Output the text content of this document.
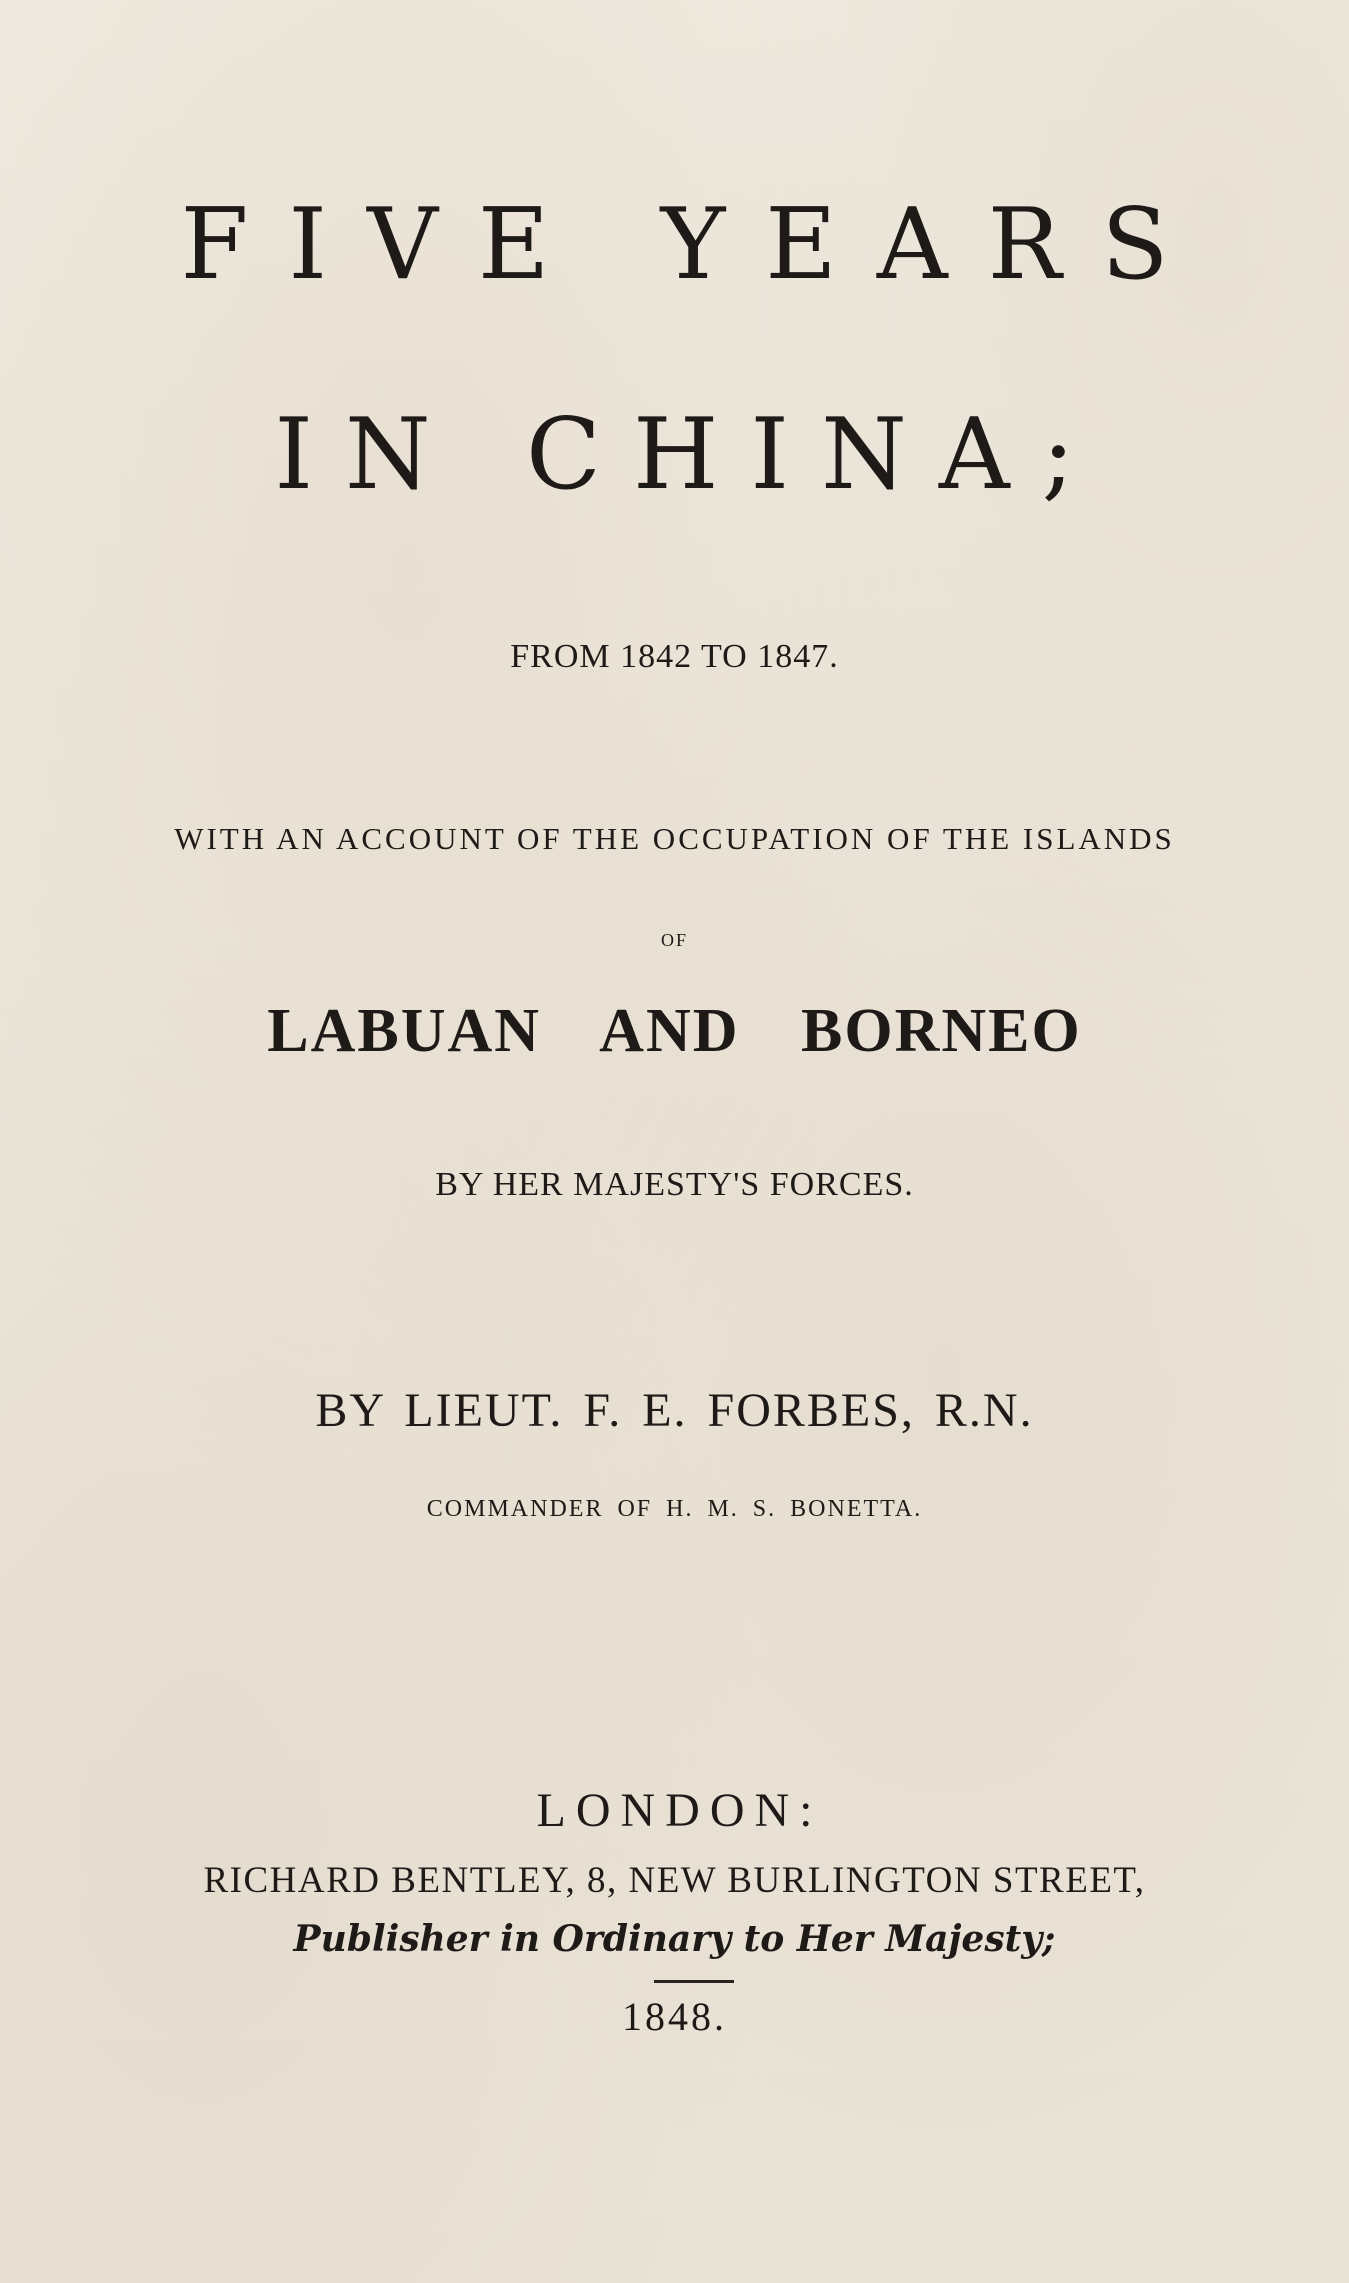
FIVE YEARS
IN CHINA;
FROM 1842 TO 1847.
WITH AN ACCOUNT OF THE OCCUPATION OF THE ISLANDS
OF
LABUAN AND BORNEO
BY HER MAJESTY'S FORCES.
BY LIEUT. F. E. FORBES, R.N.
COMMANDER OF H. M. S. BONETTA.
LONDON:
RICHARD BENTLEY, 8, NEW BURLINGTON STREET,
Publisher in Ordinary to Her Majesty;
1848.
